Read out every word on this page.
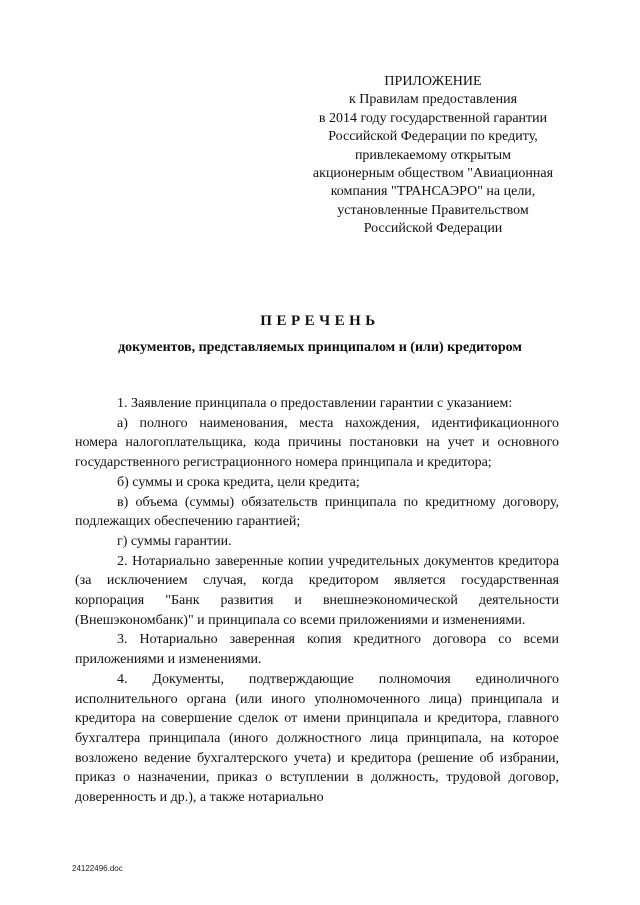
ПРИЛОЖЕНИЕ
к Правилам предоставления
в 2014 году государственной гарантии
Российской Федерации по кредиту,
привлекаемому открытым
акционерным обществом "Авиационная
компания "ТРАНСАЭРО" на цели,
установленные Правительством
Российской Федерации
ПЕРЕЧЕНЬ
документов, представляемых принципалом и (или) кредитором

1. Заявление принципала о предоставлении гарантии с указанием:

а) полного наименования, места нахождения, идентификационного номера налогоплательщика, кода причины постановки на учет и основного государственного регистрационного номера принципала и кредитора;

б) суммы и срока кредита, цели кредита;

в) объема (суммы) обязательств принципала по кредитному договору, подлежащих обеспечению гарантией;

г) суммы гарантии.

2. Нотариально заверенные копии учредительных документов кредитора (за исключением случая, когда кредитором является государственная корпорация "Банк развития и внешнеэкономической деятельности (Внешэкономбанк)" и принципала со всеми приложениями и изменениями.

3. Нотариально заверенная копия кредитного договора со всеми приложениями и изменениями.

4. Документы, подтверждающие полномочия единоличного исполнительного органа (или иного уполномоченного лица) принципала и кредитора на совершение сделок от имени принципала и кредитора, главного бухгалтера принципала (иного должностного лица принципала, на которое возложено ведение бухгалтерского учета) и кредитора (решение об избрании, приказ о назначении, приказ о вступлении в должность, трудовой договор, доверенность и др.), а также нотариально

24122496.doc
